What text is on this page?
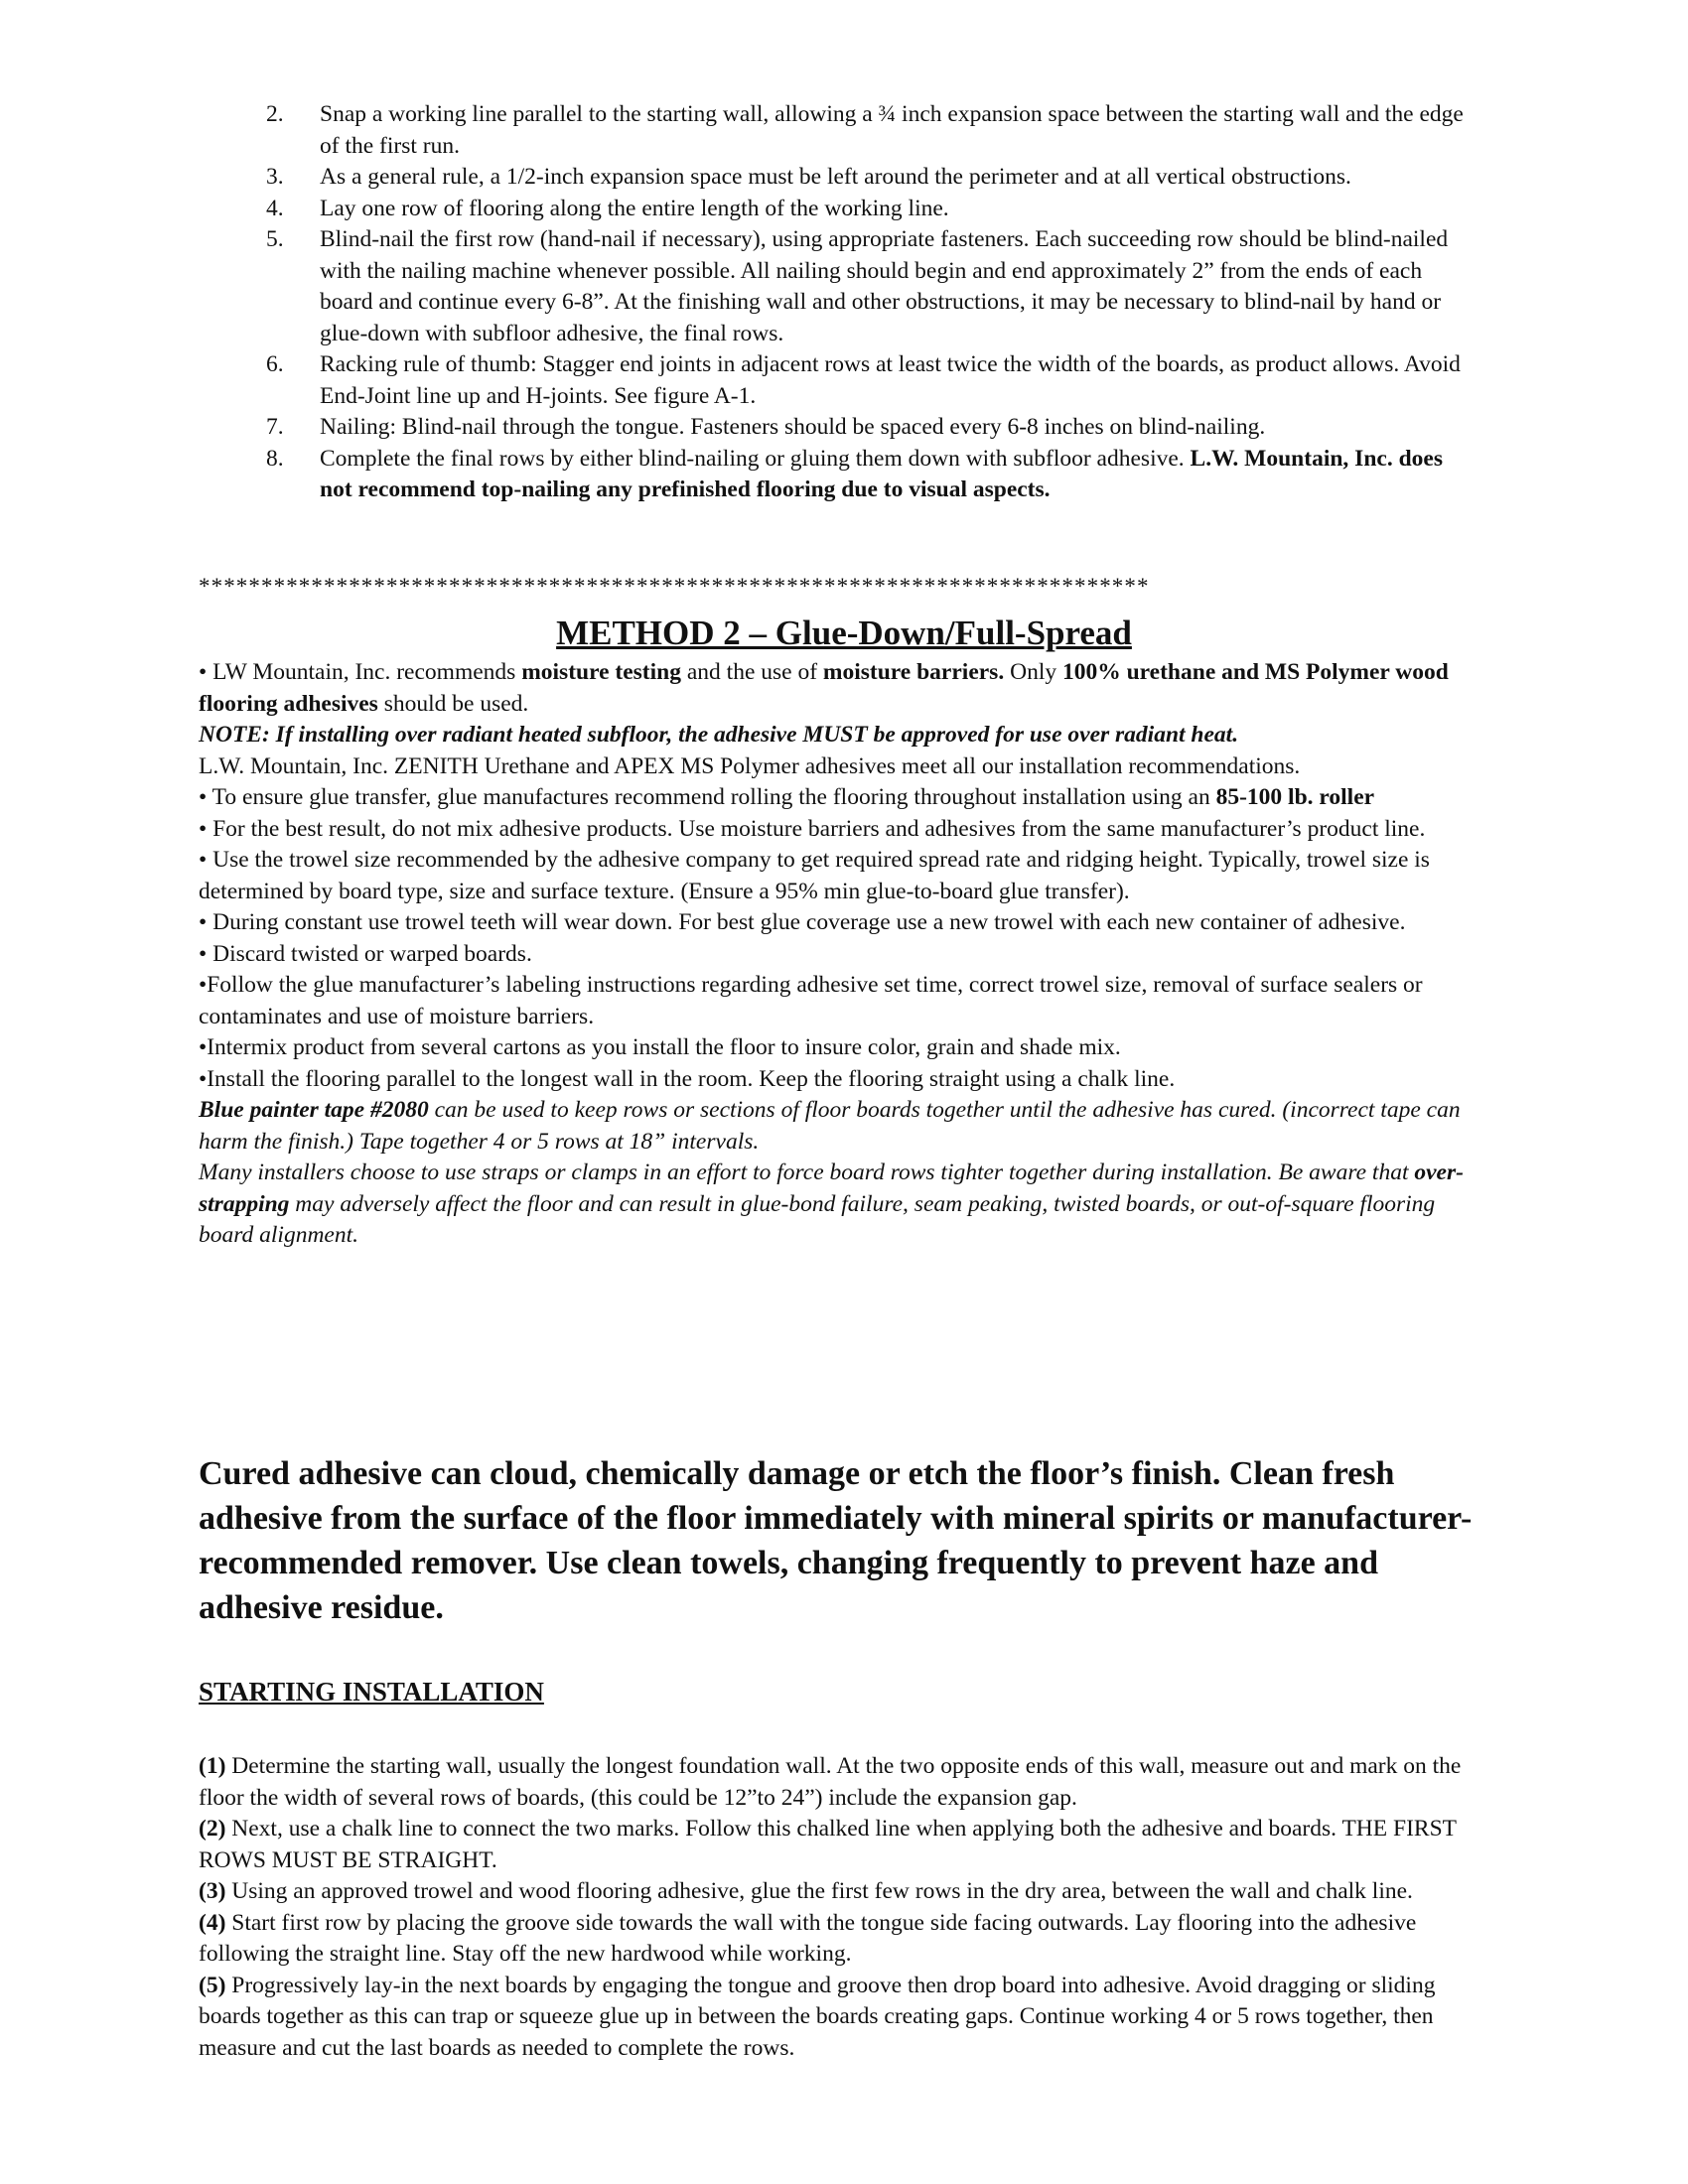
2.	Snap a working line parallel to the starting wall, allowing a ¾ inch expansion space between the starting wall and the edge of the first run.
3.	As a general rule, a 1/2-inch expansion space must be left around the perimeter and at all vertical obstructions.
4.	Lay one row of flooring along the entire length of the working line.
5.	Blind-nail the first row (hand-nail if necessary), using appropriate fasteners. Each succeeding row should be blind-nailed with the nailing machine whenever possible. All nailing should begin and end approximately 2” from the ends of each board and continue every 6-8”. At the finishing wall and other obstructions, it may be necessary to blind-nail by hand or glue-down with subfloor adhesive, the final rows.
6.	Racking rule of thumb: Stagger end joints in adjacent rows at least twice the width of the boards, as product allows. Avoid End-Joint line up and H-joints. See figure A-1.
7.	Nailing: Blind-nail through the tongue. Fasteners should be spaced every 6-8 inches on blind-nailing.
8.	Complete the final rows by either blind-nailing or gluing them down with subfloor adhesive. L.W. Mountain, Inc. does not recommend top-nailing any prefinished flooring due to visual aspects.
****************************************************************************
METHOD 2 – Glue-Down/Full-Spread

• LW Mountain, Inc. recommends moisture testing and the use of moisture barriers. Only 100% urethane and MS Polymer wood flooring adhesives should be used.

NOTE: If installing over radiant heated subfloor, the adhesive MUST be approved for use over radiant heat.

L.W. Mountain, Inc. ZENITH Urethane and APEX MS Polymer adhesives meet all our installation recommendations.

• To ensure glue transfer, glue manufactures recommend rolling the flooring throughout installation using an 85-100 lb. roller

• For the best result, do not mix adhesive products. Use moisture barriers and adhesives from the same manufacturer’s product line.

• Use the trowel size recommended by the adhesive company to get required spread rate and ridging height. Typically, trowel size is determined by board type, size and surface texture. (Ensure a 95% min glue-to-board glue transfer).

• During constant use trowel teeth will wear down. For best glue coverage use a new trowel with each new container of adhesive.

• Discard twisted or warped boards.

•Follow the glue manufacturer’s labeling instructions regarding adhesive set time, correct trowel size, removal of surface sealers or contaminates and use of moisture barriers.

•Intermix product from several cartons as you install the floor to insure color, grain and shade mix.

•Install the flooring parallel to the longest wall in the room. Keep the flooring straight using a chalk line.

Blue painter tape #2080 can be used to keep rows or sections of floor boards together until the adhesive has cured. (incorrect tape can harm the finish.) Tape together 4 or 5 rows at 18” intervals.

Many installers choose to use straps or clamps in an effort to force board rows tighter together during installation. Be aware that over-strapping may adversely affect the floor and can result in glue-bond failure, seam peaking, twisted boards, or out-of-square flooring board alignment.

Cured adhesive can cloud, chemically damage or etch the floor’s finish. Clean fresh adhesive from the surface of the floor immediately with mineral spirits or manufacturer-recommended remover. Use clean towels, changing frequently to prevent haze and adhesive residue.

STARTING INSTALLATION

(1) Determine the starting wall, usually the longest foundation wall. At the two opposite ends of this wall, measure out and mark on the floor the width of several rows of boards, (this could be 12”to 24”) include the expansion gap.

(2) Next, use a chalk line to connect the two marks. Follow this chalked line when applying both the adhesive and boards. THE FIRST ROWS MUST BE STRAIGHT.

(3) Using an approved trowel and wood flooring adhesive, glue the first few rows in the dry area, between the wall and chalk line.

(4) Start first row by placing the groove side towards the wall with the tongue side facing outwards. Lay flooring into the adhesive following the straight line. Stay off the new hardwood while working.

(5) Progressively lay-in the next boards by engaging the tongue and groove then drop board into adhesive. Avoid dragging or sliding boards together as this can trap or squeeze glue up in between the boards creating gaps. Continue working 4 or 5 rows together, then measure and cut the last boards as needed to complete the rows.
